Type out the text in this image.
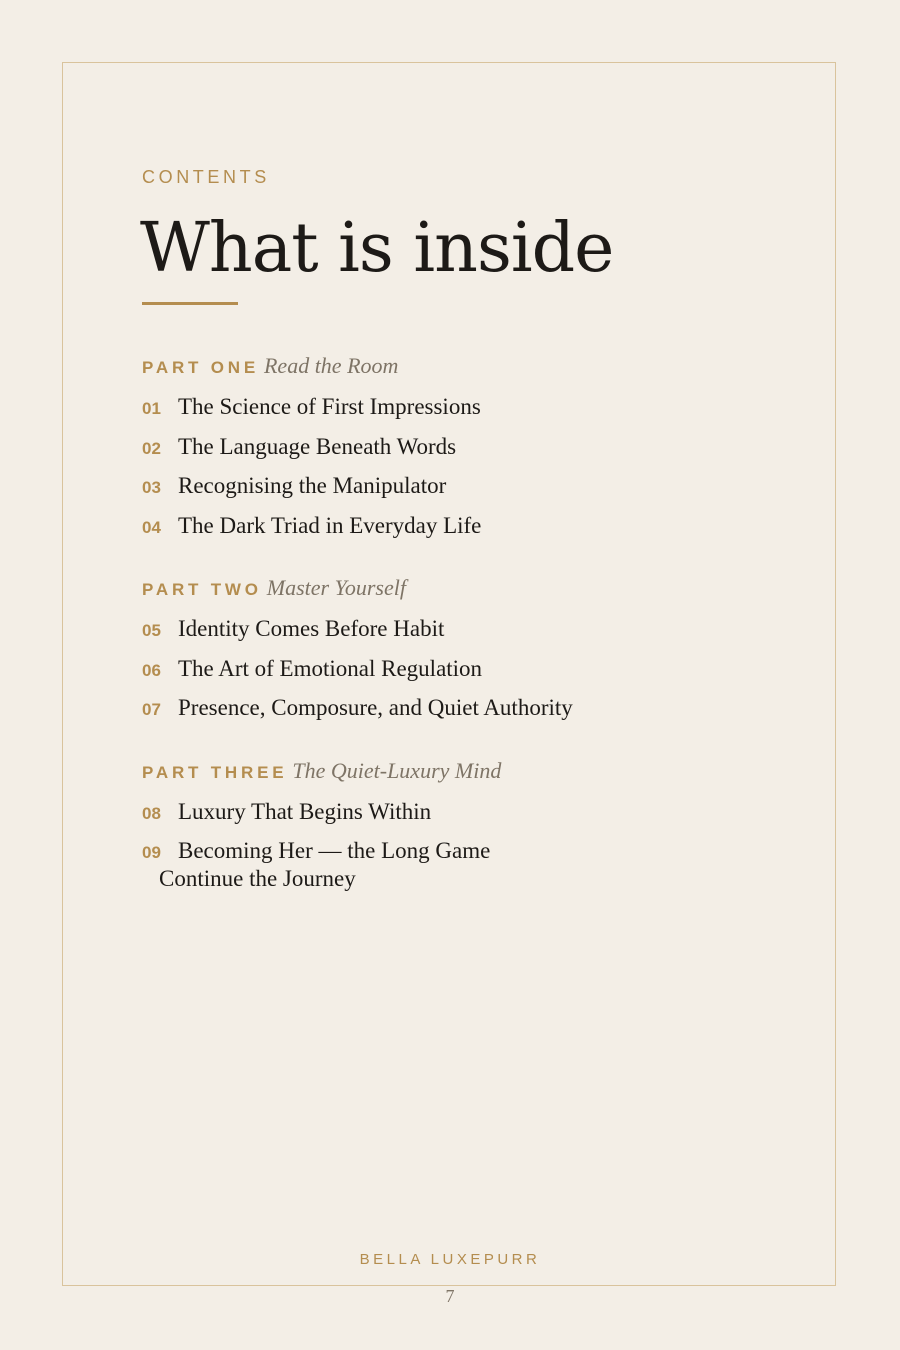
CONTENTS
What is inside
PART ONE Read the Room
01 The Science of First Impressions
02 The Language Beneath Words
03 Recognising the Manipulator
04 The Dark Triad in Everyday Life
PART TWO Master Yourself
05 Identity Comes Before Habit
06 The Art of Emotional Regulation
07 Presence, Composure, and Quiet Authority
PART THREE The Quiet-Luxury Mind
08 Luxury That Begins Within
09 Becoming Her — the Long Game
Continue the Journey
BELLA LUXEPURR
7
